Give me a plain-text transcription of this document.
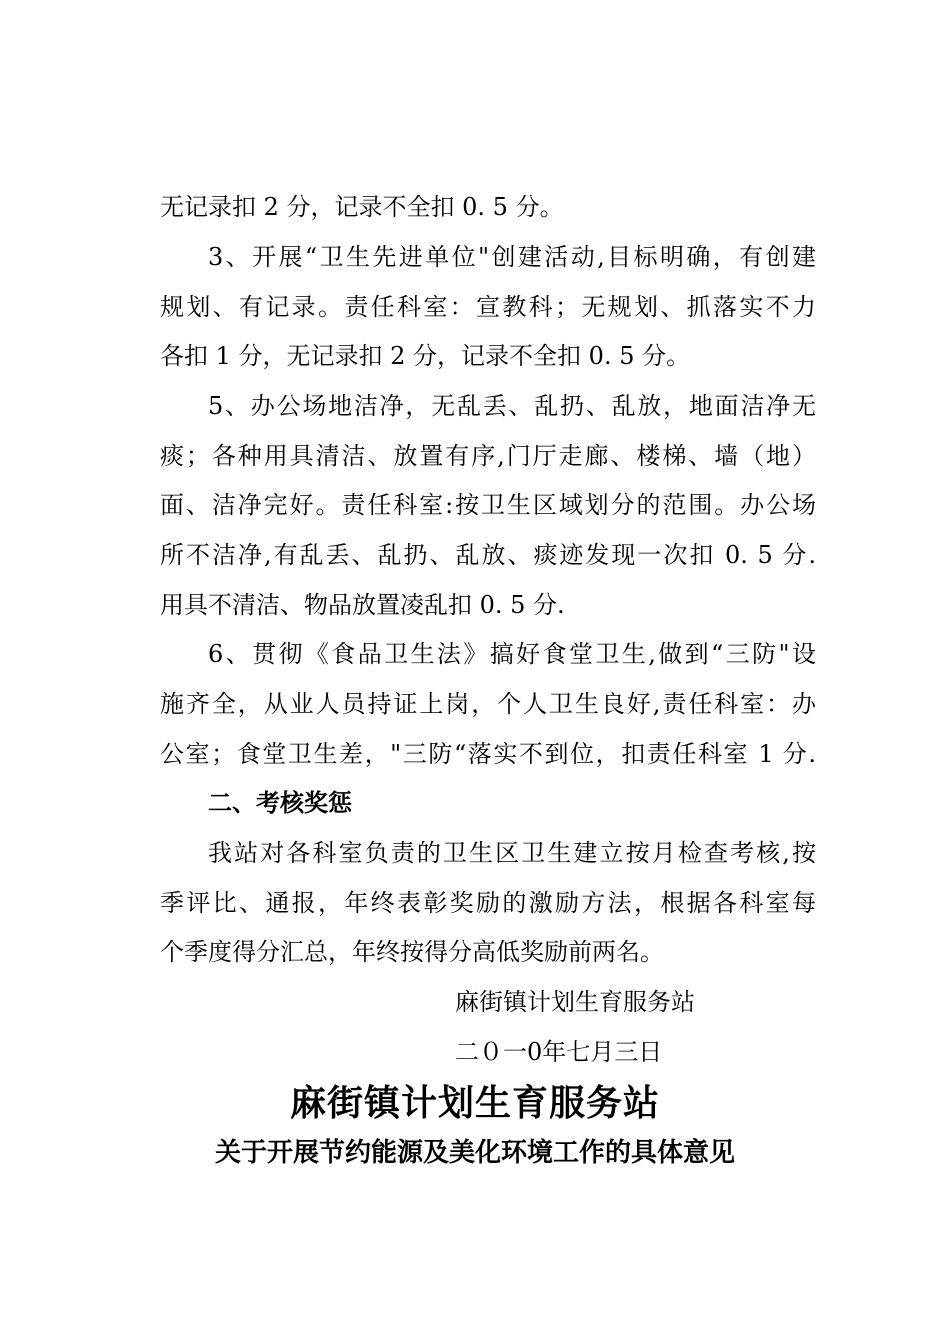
无记录扣 2 分，记录不全扣 0. 5 分。
3、开展“卫生先进单位"创建活动,目标明确，有创建
规划、有记录。责任科室：宣教科；无规划、抓落实不力
各扣 1 分，无记录扣 2 分，记录不全扣 0. 5 分。
5、办公场地洁净，无乱丢、乱扔、乱放，地面洁净无
痰；各种用具清洁、放置有序,门厅走廊、楼梯、墙（地）
面、洁净完好。责任科室:按卫生区域划分的范围。办公场
所不洁净,有乱丢、乱扔、乱放、痰迹发现一次扣 0. 5 分.
用具不清洁、物品放置凌乱扣 0. 5 分.
6、贯彻《食品卫生法》搞好食堂卫生,做到“三防"设
施齐全，从业人员持证上岗，个人卫生良好,责任科室：办
公室；食堂卫生差，"三防“落实不到位，扣责任科室 1 分.
二、考核奖惩
我站对各科室负责的卫生区卫生建立按月检查考核,按
季评比、通报，年终表彰奖励的激励方法，根据各科室每
个季度得分汇总，年终按得分高低奖励前两名。
麻街镇计划生育服务站
二０一0年七月三日
麻街镇计划生育服务站
关于开展节约能源及美化环境工作的具体意见
